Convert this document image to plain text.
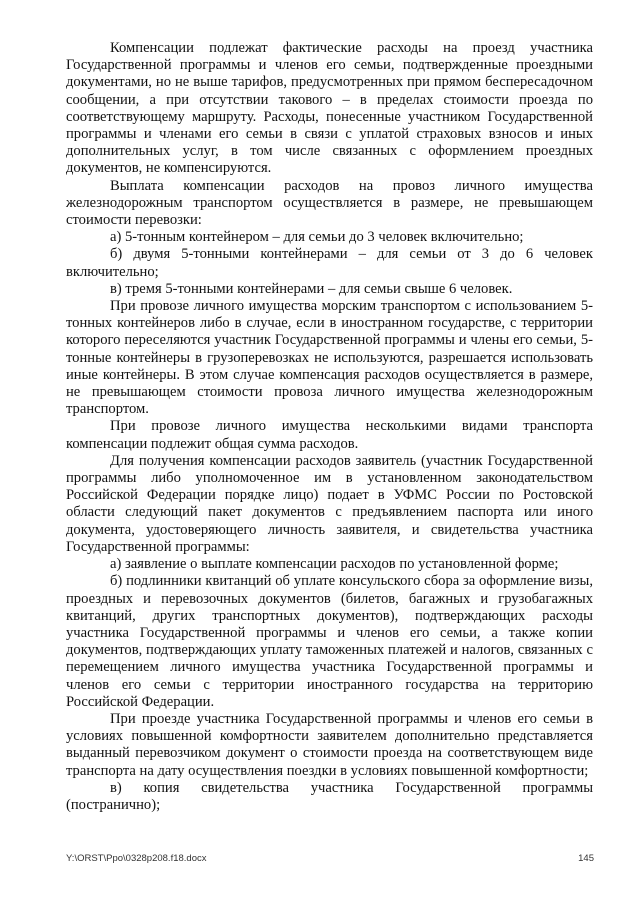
Компенсации подлежат фактические расходы на проезд участника Государственной программы и членов его семьи, подтвержденные проездными документами, но не выше тарифов, предусмотренных при прямом беспересадочном сообщении, а при отсутствии такового – в пределах стоимости проезда по соответствующему маршруту. Расходы, понесенные участником Государственной программы и членами его семьи в связи с уплатой страховых взносов и иных дополнительных услуг, в том числе связанных с оформлением проездных документов, не компенсируются.

Выплата компенсации расходов на провоз личного имущества железнодорожным транспортом осуществляется в размере, не превышающем стоимости перевозки:

а) 5-тонным контейнером – для семьи до 3 человек включительно;

б) двумя 5-тонными контейнерами – для семьи от 3 до 6 человек включительно;

в) тремя 5-тонными контейнерами – для семьи свыше 6 человек.

При провозе личного имущества морским транспортом с использованием 5-тонных контейнеров либо в случае, если в иностранном государстве, с территории которого переселяются участник Государственной программы и члены его семьи, 5-тонные контейнеры в грузоперевозках не используются, разрешается использовать иные контейнеры. В этом случае компенсация расходов осуществляется в размере, не превышающем стоимости провоза личного имущества железнодорожным транспортом.

При провозе личного имущества несколькими видами транспорта компенсации подлежит общая сумма расходов.

Для получения компенсации расходов заявитель (участник Государственной программы либо уполномоченное им в установленном законодательством Российской Федерации порядке лицо) подает в УФМС России по Ростовской области следующий пакет документов с предъявлением паспорта или иного документа, удостоверяющего личность заявителя, и свидетельства участника Государственной программы:

а) заявление о выплате компенсации расходов по установленной форме;

б) подлинники квитанций об уплате консульского сбора за оформление визы, проездных и перевозочных документов (билетов, багажных и грузобагажных квитанций, других транспортных документов), подтверждающих расходы участника Государственной программы и членов его семьи, а также копии документов, подтверждающих уплату таможенных платежей и налогов, связанных с перемещением личного имущества участника Государственной программы и членов его семьи с территории иностранного государства на территорию Российской Федерации.

При проезде участника Государственной программы и членов его семьи в условиях повышенной комфортности заявителем дополнительно представляется выданный перевозчиком документ о стоимости проезда на соответствующем виде транспорта на дату осуществления поездки в условиях повышенной комфортности;

в) копия свидетельства участника Государственной программы (постранично);

Y:\ORST\Ppo\0328p208.f18.docx	145
